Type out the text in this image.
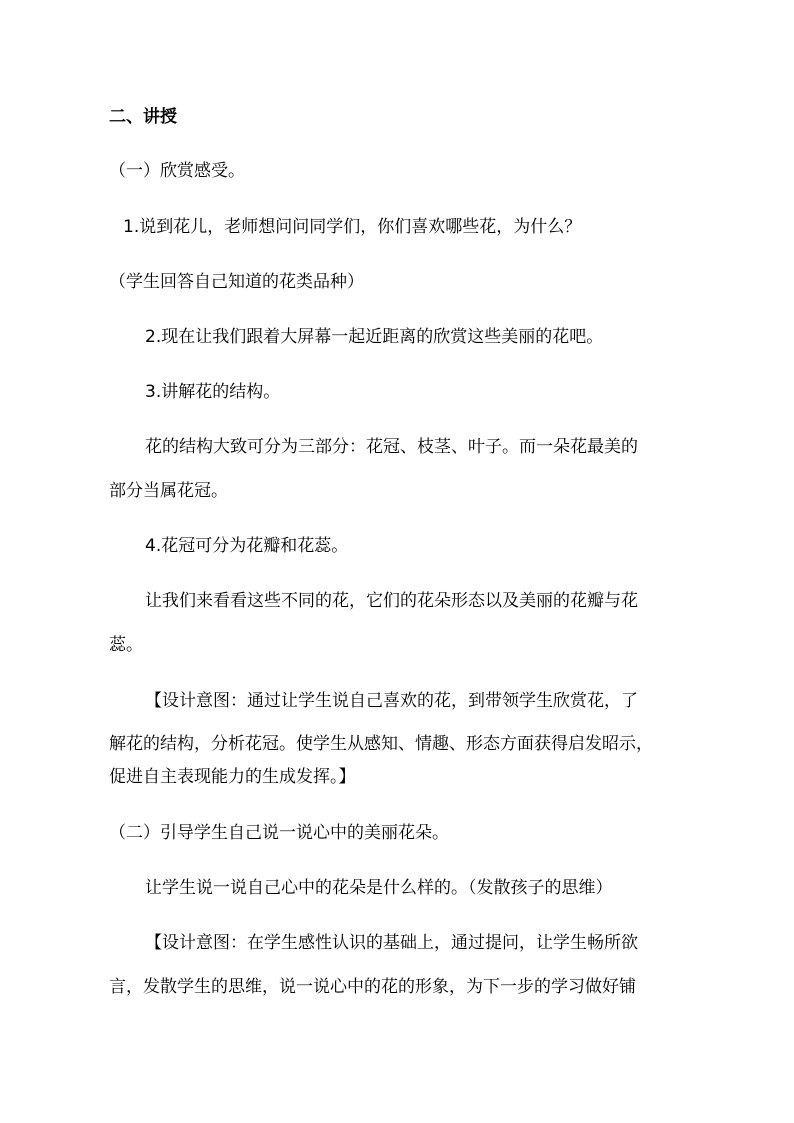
二、讲授

（一）欣赏感受。

1.说到花儿，老师想问问同学们，你们喜欢哪些花，为什么？

（学生回答自己知道的花类品种）

2.现在让我们跟着大屏幕一起近距离的欣赏这些美丽的花吧。

3.讲解花的结构。

花的结构大致可分为三部分：花冠、枝茎、叶子。而一朵花最美的

部分当属花冠。

4.花冠可分为花瓣和花蕊。

让我们来看看这些不同的花，它们的花朵形态以及美丽的花瓣与花

蕊。

【设计意图：通过让学生说自己喜欢的花，到带领学生欣赏花，了

解花的结构，分析花冠。使学生从感知、情趣、形态方面获得启发昭示，

促进自主表现能力的生成发挥。】

（二）引导学生自己说一说心中的美丽花朵。

让学生说一说自己心中的花朵是什么样的。（发散孩子的思维）

【设计意图：在学生感性认识的基础上，通过提问，让学生畅所欲

言，发散学生的思维，说一说心中的花的形象，为下一步的学习做好铺
